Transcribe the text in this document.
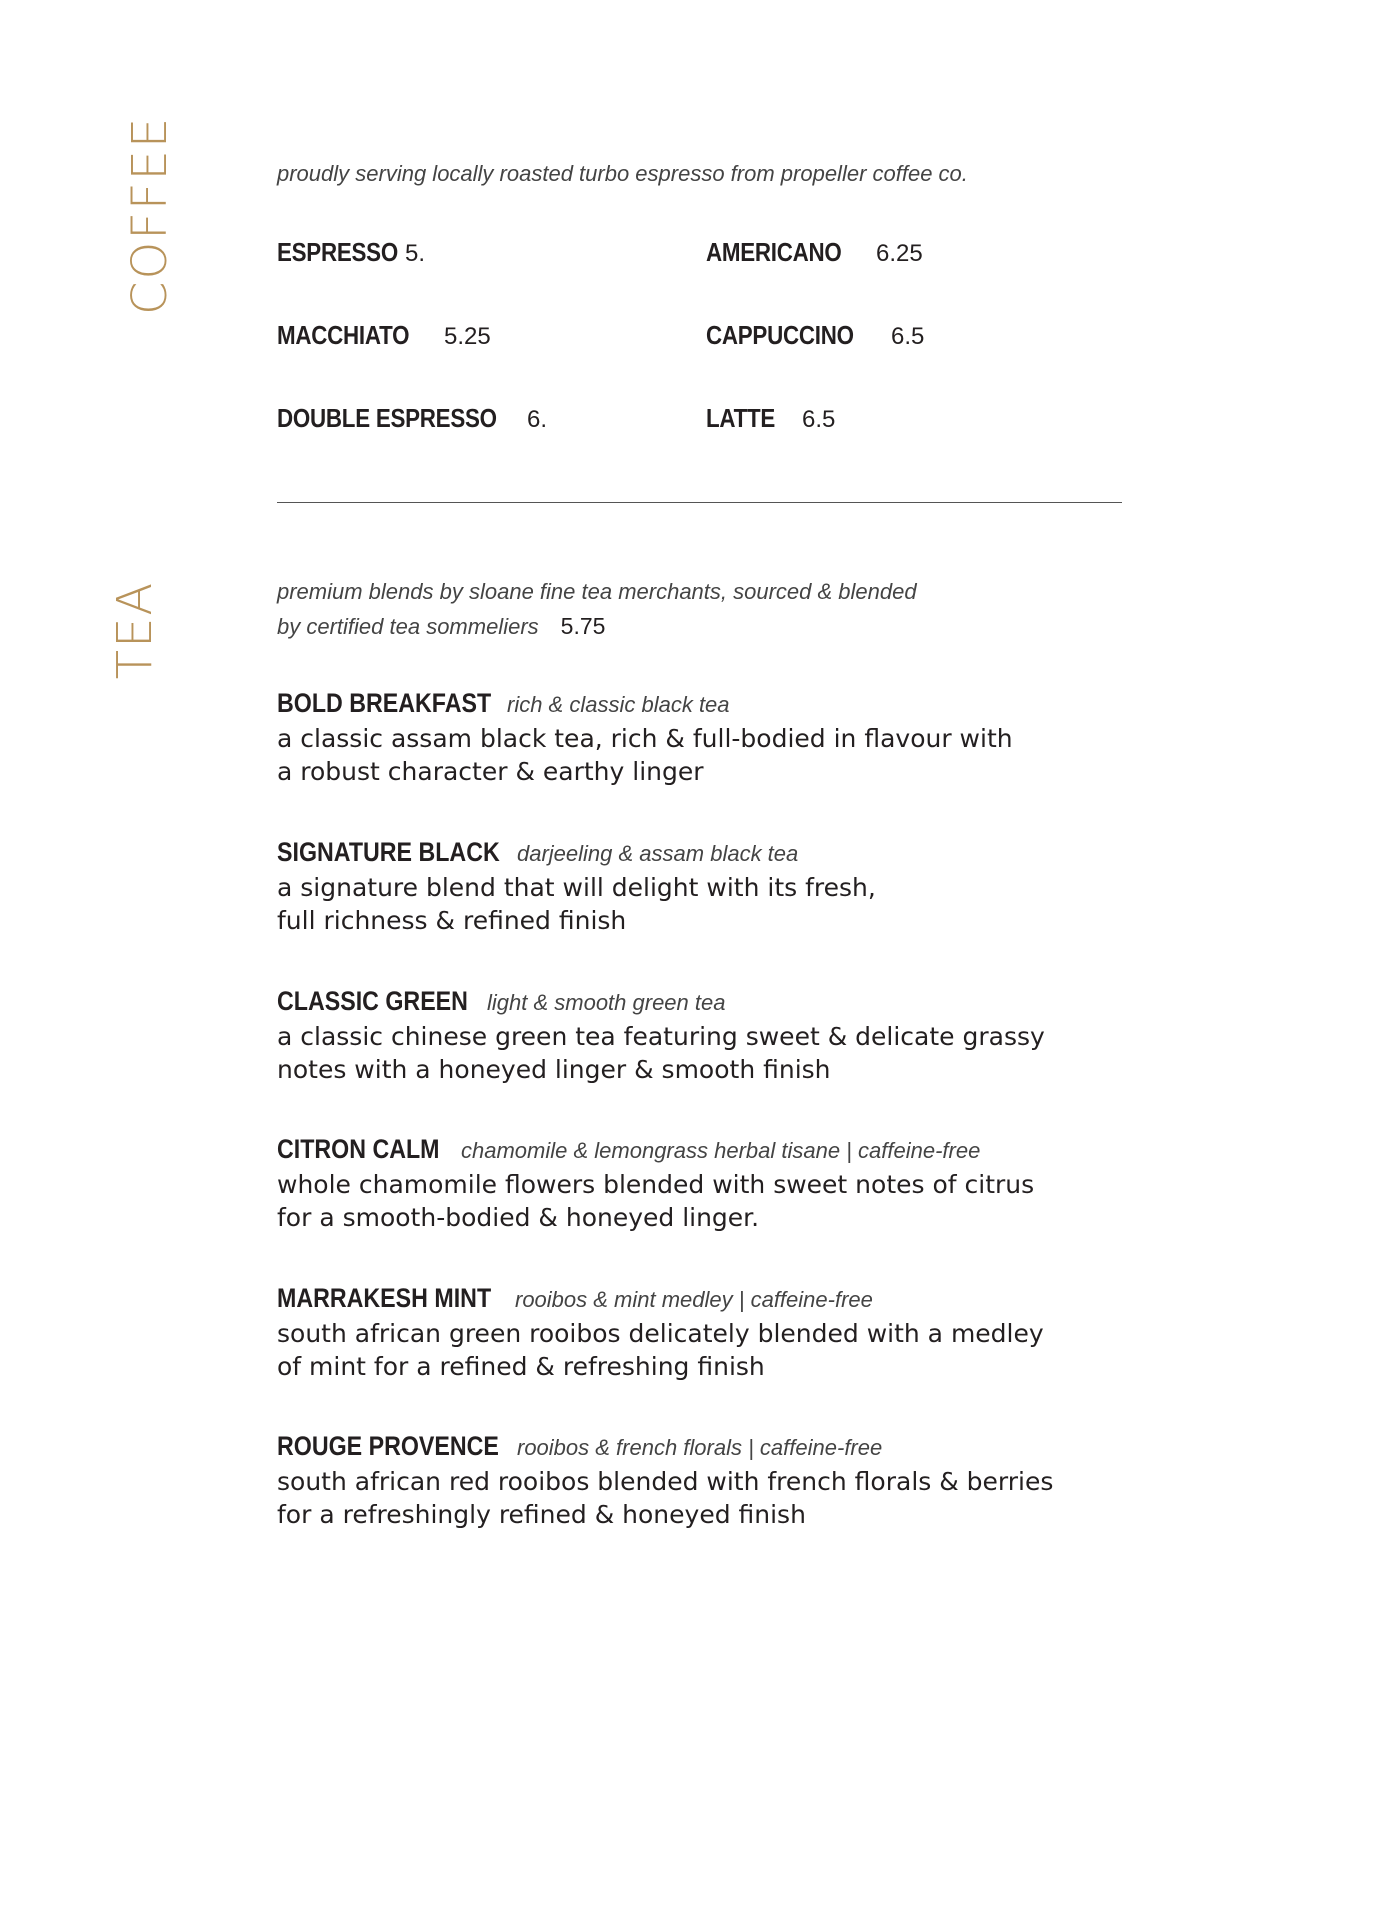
COFFEE	proudly serving locally roasted turbo espresso from propeller coffee co.
ESPRESSO 5.	AMERICANO	6.25
MACCHIATO	5.25	CAPPUCCINO	6.5
DOUBLE ESPRESSO 6.	LATTE	6.5
TEA	premium blends by sloane fine tea merchants, sourced & blended
by certified tea sommeliers 5.75
BOLD BREAKFAST rich & classic black tea
a classic assam black tea, rich & full-bodied in flavour with
a robust character & earthy linger
SIGNATURE BLACK darjeeling & assam black tea
a signature blend that will delight with its fresh,
full richness & refined finish
CLASSIC GREEN light & smooth green tea
a classic chinese green tea featuring sweet & delicate grassy
notes with a honeyed linger & smooth finish
CITRON CALM chamomile & lemongrass herbal tisane | caffeine-free
whole chamomile flowers blended with sweet notes of citrus
for a smooth-bodied & honeyed linger.
MARRAKESH MINT rooibos & mint medley | caffeine-free
south african green rooibos delicately blended with a medley
of mint for a refined & refreshing finish
ROUGE PROVENCE rooibos & french florals | caffeine-free
south african red rooibos blended with french florals & berries
for a refreshingly refined & honeyed finish
